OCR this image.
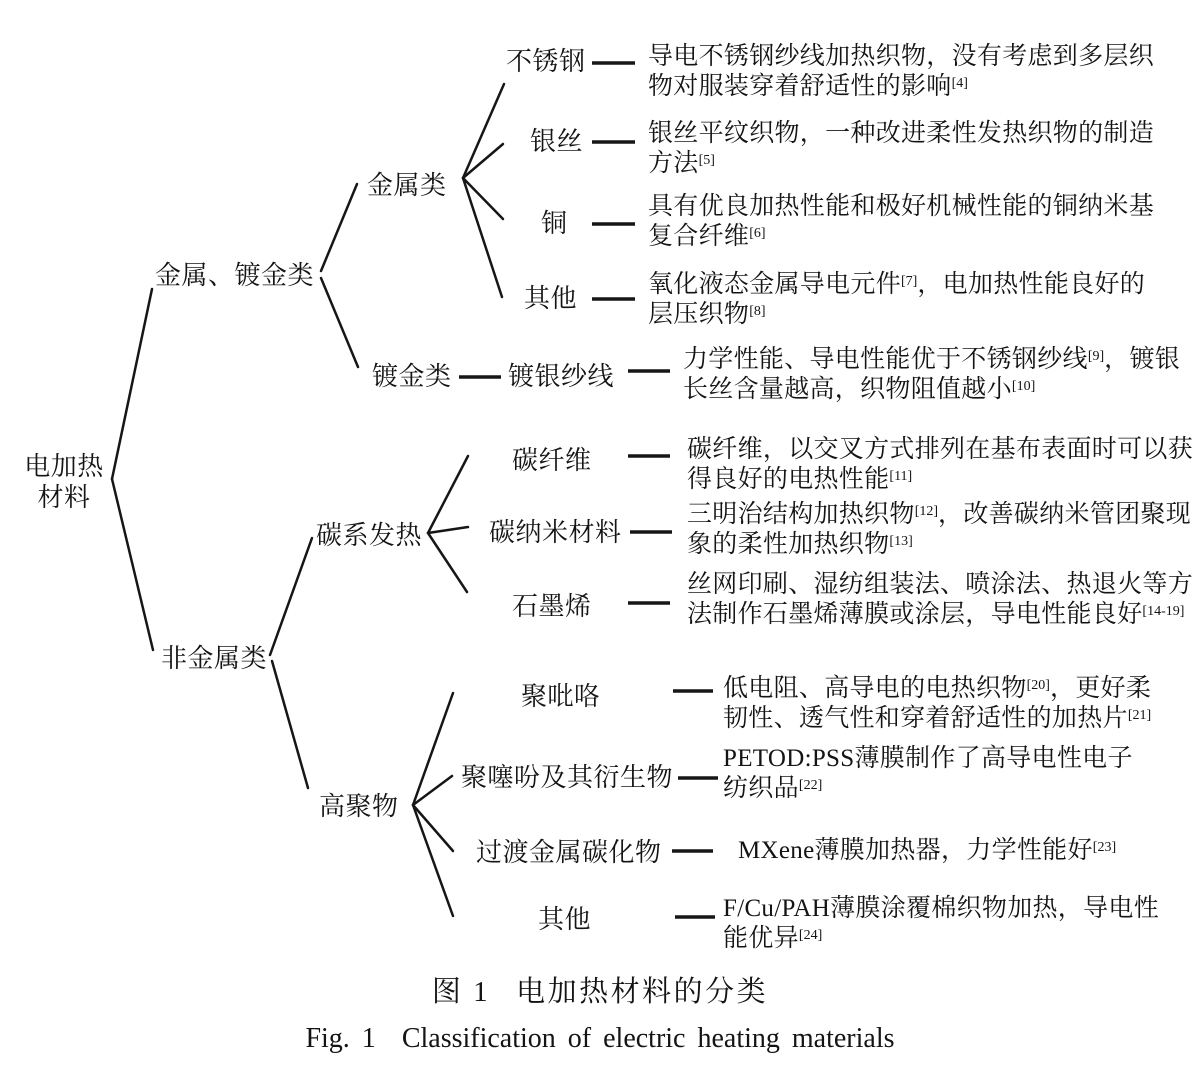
电加热
材料
金属、镀金类
非金属类
金属类
镀金类
碳系发热
高聚物
不锈钢
银丝
铜
其他
镀银纱线
碳纤维
碳纳米材料
石墨烯
聚吡咯
聚噻吩及其衍生物
过渡金属碳化物
其他
导电不锈钢纱线加热织物，没有考虑到多层织
物对服装穿着舒适性的影响[4]
银丝平纹织物，一种改进柔性发热织物的制造
方法[5]
具有优良加热性能和极好机械性能的铜纳米基
复合纤维[6]
氧化液态金属导电元件[7]，电加热性能良好的
层压织物[8]
力学性能、导电性能优于不锈钢纱线[9]，镀银
长丝含量越高，织物阻值越小[10]
碳纤维，以交叉方式排列在基布表面时可以获
得良好的电热性能[11]
三明治结构加热织物[12]，改善碳纳米管团聚现
象的柔性加热织物[13]
丝网印刷、湿纺组装法、喷涂法、热退火等方
法制作石墨烯薄膜或涂层，导电性能良好[14-19]
低电阻、高导电的电热织物[20]，更好柔
韧性、透气性和穿着舒适性的加热片[21]
PETOD:PSS薄膜制作了高导电性电子
纺织品[22]
MXene薄膜加热器，力学性能好[23]
F/Cu/PAH薄膜涂覆棉织物加热，导电性
能优异[24]
图 1 电加热材料的分类
Fig. 1 Classification of electric heating materials
